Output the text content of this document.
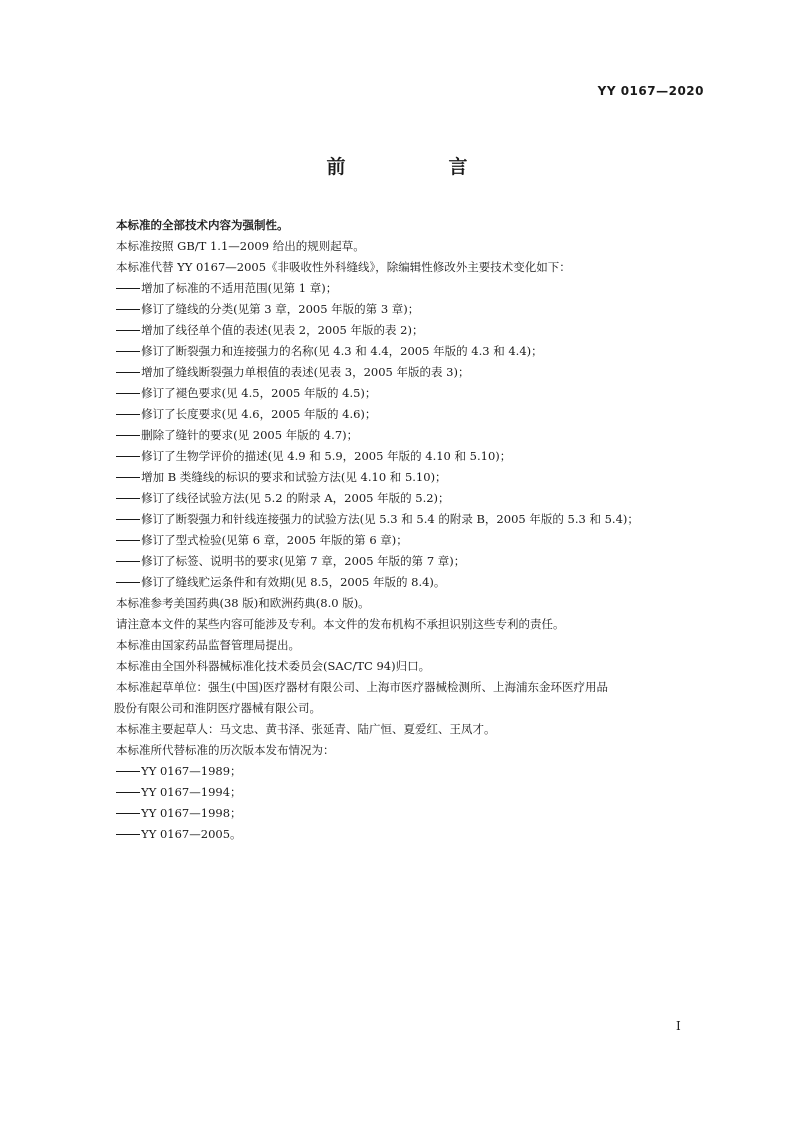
YY 0167—2020
前　言

本标准的全部技术内容为强制性。

本标准按照 GB/T 1.1—2009 给出的规则起草。

本标准代替 YY 0167—2005《非吸收性外科缝线》，除编辑性修改外主要技术变化如下：

增加了标准的不适用范围(见第 1 章)；

修订了缝线的分类(见第 3 章，2005 年版的第 3 章)；

增加了线径单个值的表述(见表 2，2005 年版的表 2)；

修订了断裂强力和连接强力的名称(见 4.3 和 4.4，2005 年版的 4.3 和 4.4)；

增加了缝线断裂强力单根值的表述(见表 3，2005 年版的表 3)；

修订了褪色要求(见 4.5，2005 年版的 4.5)；

修订了长度要求(见 4.6，2005 年版的 4.6)；

删除了缝针的要求(见 2005 年版的 4.7)；

修订了生物学评价的描述(见 4.9 和 5.9，2005 年版的 4.10 和 5.10)；

增加 B 类缝线的标识的要求和试验方法(见 4.10 和 5.10)；

修订了线径试验方法(见 5.2 的附录 A，2005 年版的 5.2)；

修订了断裂强力和针线连接强力的试验方法(见 5.3 和 5.4 的附录 B，2005 年版的 5.3 和 5.4)；

修订了型式检验(见第 6 章，2005 年版的第 6 章)；

修订了标签、说明书的要求(见第 7 章，2005 年版的第 7 章)；

修订了缝线贮运条件和有效期(见 8.5，2005 年版的 8.4)。

本标准参考美国药典(38 版)和欧洲药典(8.0 版)。

请注意本文件的某些内容可能涉及专利。本文件的发布机构不承担识别这些专利的责任。

本标准由国家药品监督管理局提出。

本标准由全国外科器械标准化技术委员会(SAC/TC 94)归口。

本标准起草单位：强生(中国)医疗器材有限公司、上海市医疗器械检测所、上海浦东金环医疗用品

股份有限公司和淮阴医疗器械有限公司。

本标准主要起草人：马文忠、黄书泽、张延青、陆广恒、夏爱红、王凤才。

本标准所代替标准的历次版本发布情况为：

YY 0167—1989；

YY 0167—1994；

YY 0167—1998；

YY 0167—2005。

I
